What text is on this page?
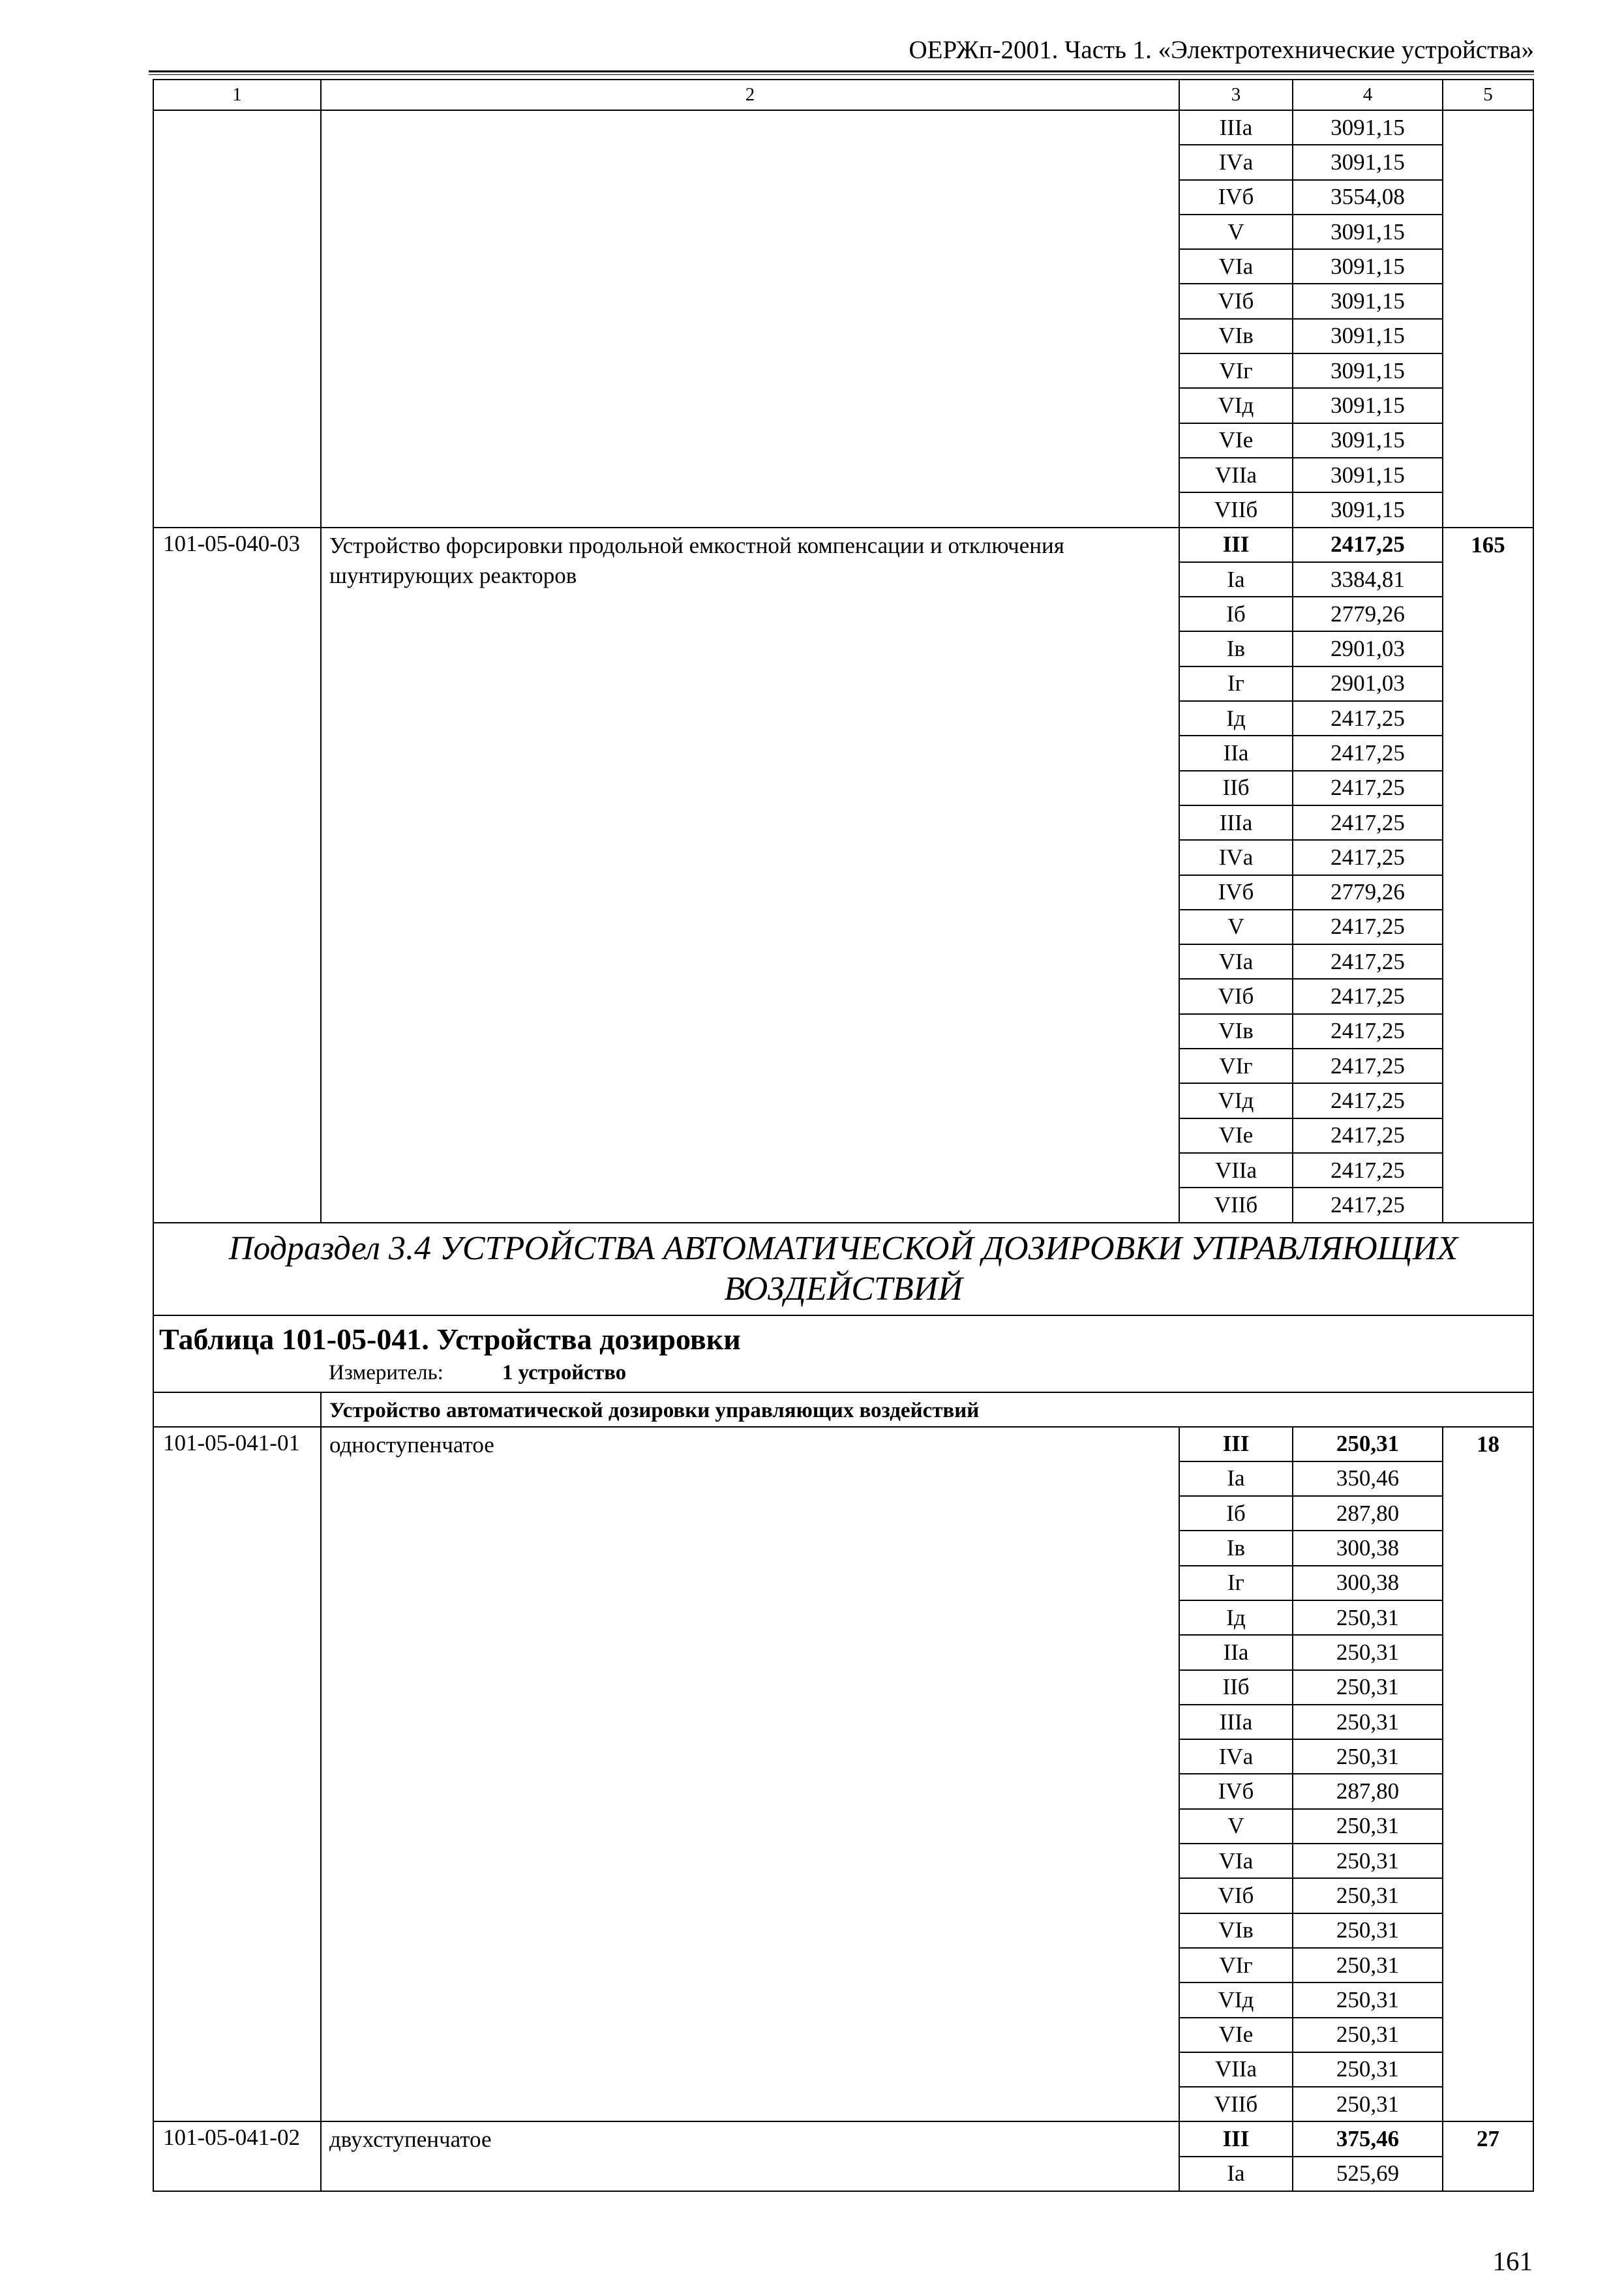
ОЕРЖп-2001. Часть 1. «Электротехнические устройства»
1	2	3	4	5
		IIIа	3091,15	
		IVа	3091,15	
		IVб	3554,08	
		V	3091,15	
		VIа	3091,15	
		VIб	3091,15	
		VIв	3091,15	
		VIг	3091,15	
		VIд	3091,15	
		VIе	3091,15	
		VIIа	3091,15	
		VIIб	3091,15	
101-05-040-03	Устройство форсировки продольной емкостной компенсации и отключения шунтирующих реакторов	III	2417,25	165
		Iа	3384,81	
		Iб	2779,26	
		Iв	2901,03	
		Iг	2901,03	
		Iд	2417,25	
		IIа	2417,25	
		IIб	2417,25	
		IIIа	2417,25	
		IVа	2417,25	
		IVб	2779,26	
		V	2417,25	
		VIа	2417,25	
		VIб	2417,25	
		VIв	2417,25	
		VIг	2417,25	
		VIд	2417,25	
		VIе	2417,25	
		VIIа	2417,25	
		VIIб	2417,25	

Подраздел 3.4 УСТРОЙСТВА АВТОМАТИЧЕСКОЙ ДОЗИРОВКИ УПРАВЛЯЮЩИХ
ВОЗДЕЙСТВИЙ				

Таблица 101-05-041. Устройства дозировки
Измеритель: 1 устройство				

	Устройство автоматической дозировки управляющих воздействий			
101-05-041-01	одноступенчатое	III	250,31	18
		Iа	350,46	
		Iб	287,80	
		Iв	300,38	
		Iг	300,38	
		Iд	250,31	
		IIа	250,31	
		IIб	250,31	
		IIIа	250,31	
		IVа	250,31	
		IVб	287,80	
		V	250,31	
		VIа	250,31	
		VIб	250,31	
		VIв	250,31	
		VIг	250,31	
		VIд	250,31	
		VIе	250,31	
		VIIа	250,31	
		VIIб	250,31	
101-05-041-02	двухступенчатое	III	375,46	27
		Iа	525,69	
161
